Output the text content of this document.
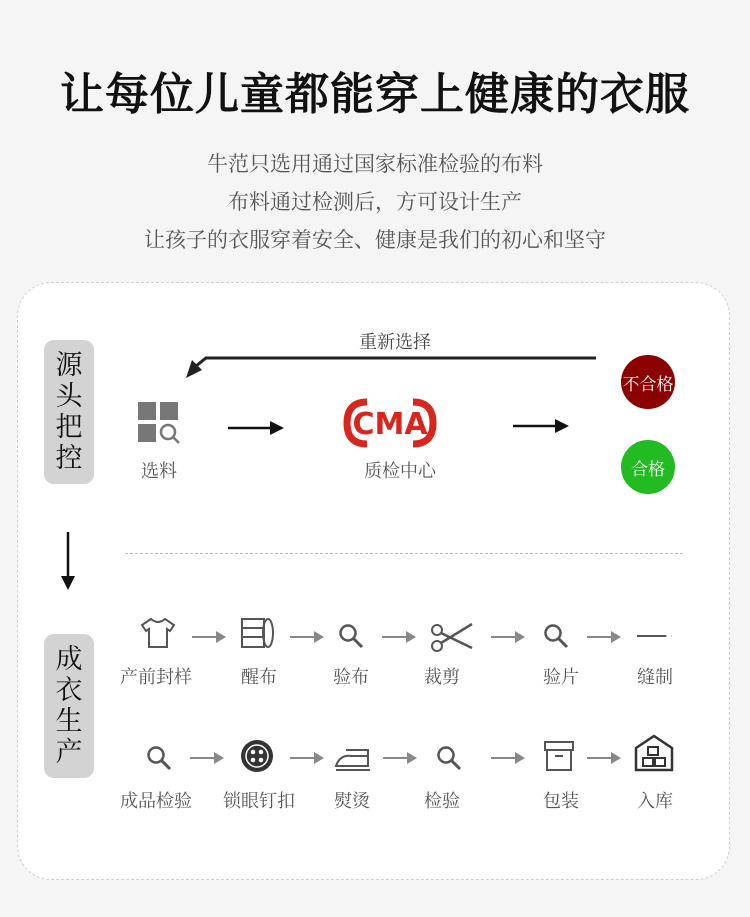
让每位儿童都能穿上健康的衣服
牛范只选用通过国家标准检验的布料
布料通过检测后，方可设计生产
让孩子的衣服穿着安全、健康是我们的初心和坚守
源
头
把
控
重新选择
选料
CMA
质检中心
不合格
合格
成
衣
生
产
产前封样	醒布	验布	裁剪	验片	缝制
成品检验	锁眼钉扣	熨烫	检验	包装	入库
